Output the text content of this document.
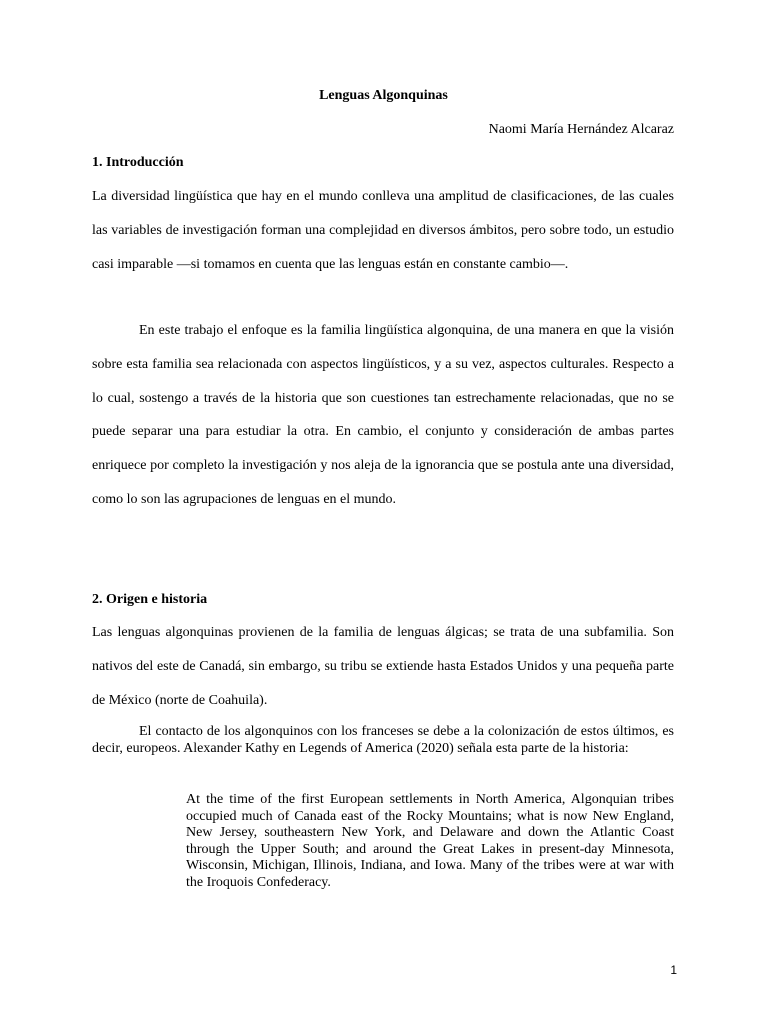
Lenguas Algonquinas
Naomi María Hernández Alcaraz
1. Introducción

La diversidad lingüística que hay en el mundo conlleva una amplitud de clasificaciones, de las cuales las variables de investigación forman una complejidad en diversos ámbitos, pero sobre todo, un estudio casi imparable —si tomamos en cuenta que las lenguas están en constante cambio—.

En este trabajo el enfoque es la familia lingüística algonquina, de una manera en que la visión sobre esta familia sea relacionada con aspectos lingüísticos, y a su vez, aspectos culturales. Respecto a lo cual, sostengo a través de la historia que son cuestiones tan estrechamente relacionadas, que no se puede separar una para estudiar la otra. En cambio, el conjunto y consideración de ambas partes enriquece por completo la investigación y nos aleja de la ignorancia que se postula ante una diversidad, como lo son las agrupaciones de lenguas en el mundo.

2. Origen e historia

Las lenguas algonquinas provienen de la familia de lenguas álgicas; se trata de una subfamilia. Son nativos del este de Canadá, sin embargo, su tribu se extiende hasta Estados Unidos y una pequeña parte de México (norte de Coahuila).

El contacto de los algonquinos con los franceses se debe a la colonización de estos últimos, es decir, europeos. Alexander Kathy en Legends of America (2020) señala esta parte de la historia:

At the time of the first European settlements in North America, Algonquian tribes occupied much of Canada east of the Rocky Mountains; what is now New England, New Jersey, southeastern New York, and Delaware and down the Atlantic Coast through the Upper South; and around the Great Lakes in present-day Minnesota, Wisconsin, Michigan, Illinois, Indiana, and Iowa. Many of the tribes were at war with the Iroquois Confederacy.

1
